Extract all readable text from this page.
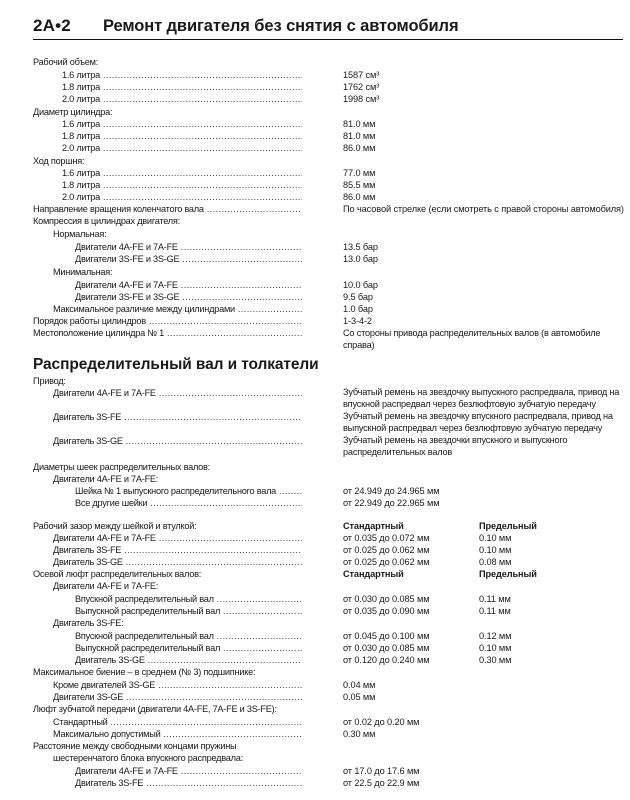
2A•2	Ремонт двигателя без снятия с автомобиля
Рабочий объем:
1.6 литра .....	1587 см³
1.8 литра .....	1762 см³
2.0 литра .....	1998 см³
Диаметр цилиндра:
1.6 литра .....	81.0 мм
1.8 литра .....	81.0 мм
2.0 литра .....	86.0 мм
Ход поршня:
1.6 литра .....	77.0 мм
1.8 литра .....	85.5 мм
2.0 литра .....	86.0 мм
Направление вращения коленчатого вала .....	По часовой стрелке (если смотреть с правой стороны автомобиля)
Компрессия в цилиндрах двигателя:
Нормальная:
Двигатели 4A-FE и 7A-FE .....	13.5 бар
Двигатели 3S-FE и 3S-GE .....	13.0 бар
Минимальная:
Двигатели 4A-FE и 7A-FE .....	10.0 бар
Двигатели 3S-FE и 3S-GE .....	9.5 бар
Максимальное различие между цилиндрами .....	1.0 бар
Порядок работы цилиндров .....	1-3-4-2
Местоположение цилиндра № 1 .....	Со стороны привода распределительных валов (в автомобиле справа)
Распределительный вал и толкатели
Привод:
Двигатели 4A-FE и 7A-FE .....	Зубчатый ремень на звездочку выпускного распредвала, привод на впускной распредвал через безлюфтовую зубчатую передачу
Двигатель 3S-FE .....	Зубчатый ремень на звездочку впускного распредвала, привод на выпускной распредвал через безлюфтовую зубчатую передачу
Двигатель 3S-GE .....	Зубчатый ремень на звездочки впускного и выпускного распределительных валов
Диаметры шеек распределительных валов:
Двигатели 4A-FE и 7A-FE:
Шейка № 1 выпускного распределительного вала .....	от 24.949 до 24.965 мм
Все другие шейки .....	от 22.949 до 22.965 мм
Рабочий зазор между шейкой и втулкой:	Стандартный	Предельный
Двигатели 4A-FE и 7A-FE .....	от 0.035 до 0.072 мм	0.10 мм
Двигатель 3S-FE .....	от 0.025 до 0.062 мм	0.10 мм
Двигатель 3S-GE .....	от 0.025 до 0.062 мм	0.08 мм
Осевой люфт распределительных валов:	Стандартный	Предельный
Двигатели 4A-FE и 7A-FE:
Впускной распределительный вал .....	от 0.030 до 0.085 мм	0.11 мм
Выпускной распределительный вал .....	от 0.035 до 0.090 мм	0.11 мм
Двигатель 3S-FE:
Впускной распределительный вал .....	от 0.045 до 0.100 мм	0.12 мм
Выпускной распределительный вал .....	от 0.030 до 0.085 мм	0.10 мм
Двигатель 3S-GE .....	от 0.120 до 0.240 мм	0.30 мм
Максимальное биение – в среднем (№ 3) подшипнике:
Кроме двигателей 3S-GE .....	0.04 мм
Двигатели 3S-GE .....	0.05 мм
Люфт зубчатой передачи (двигатели 4A-FE, 7A-FE и 3S-FE):
Стандартный .....	от 0.02 до 0.20 мм
Максимально допустимый .....	0.30 мм
Расстояние между свободными концами пружины
шестеренчатого блока впускного распредвала:
Двигатели 4A-FE и 7A-FE .....	от 17.0 до 17.6 мм
Двигатель 3S-FE .....	от 22.5 до 22.9 мм
